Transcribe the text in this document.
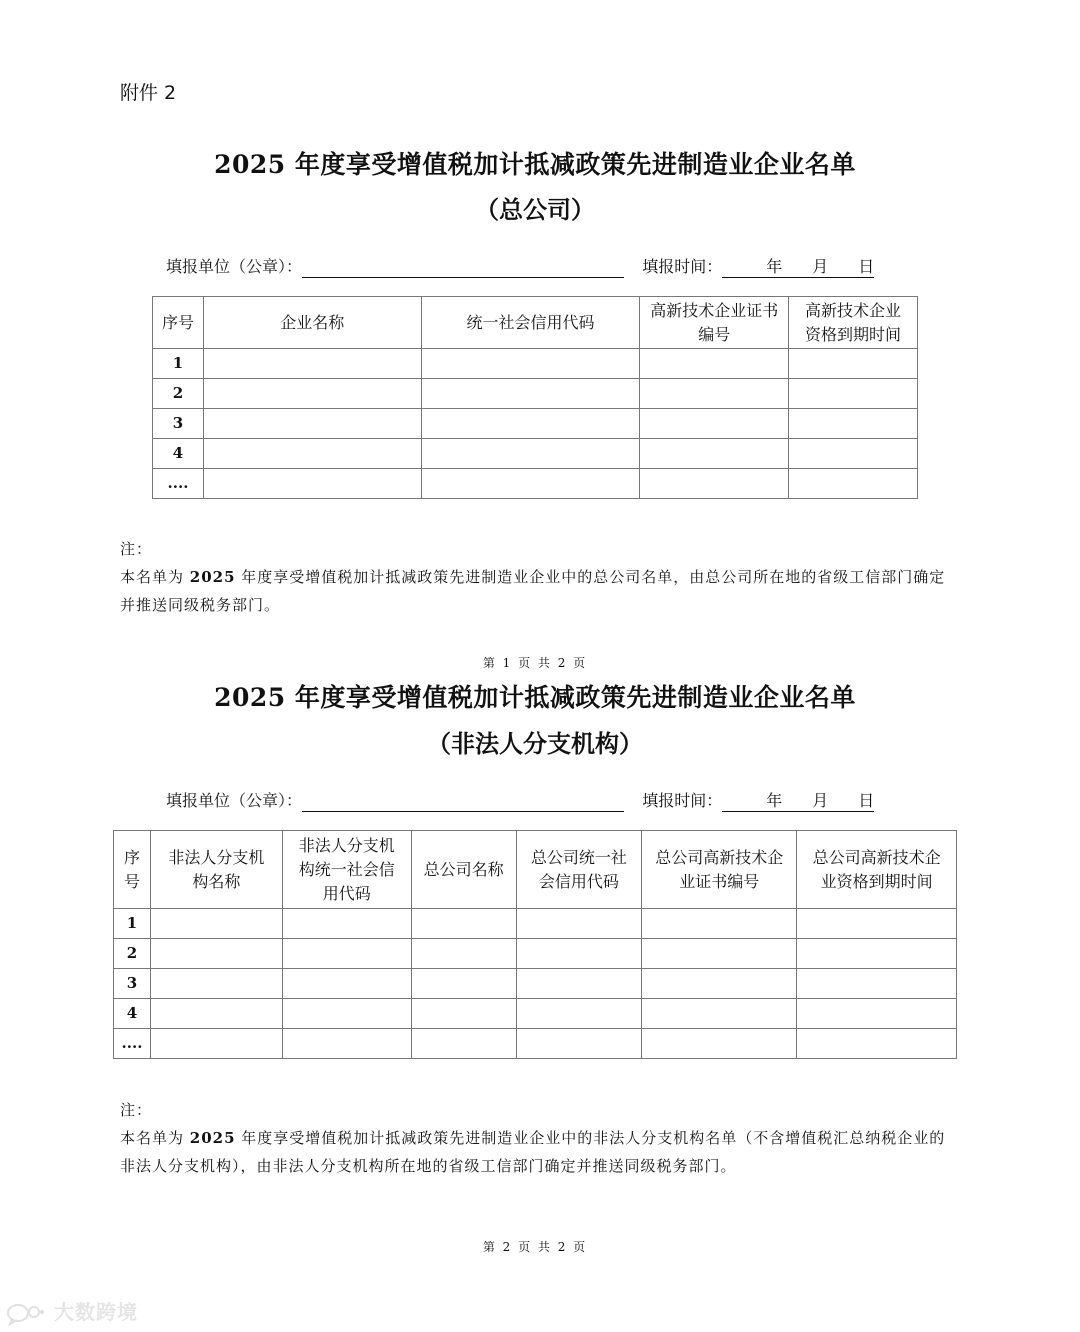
附件 2
2025 年度享受增值税加计抵减政策先进制造业企业名单
（总公司）
填报单位（公章）：	填报时间：	年 月 日
序号	企业名称	统一社会信用代码	高新技术企业证书编号	高新技术企业资格到期时间
1				
2				
3				
4				
....				
注：
本名单为 2025 年度享受增值税加计抵减政策先进制造业企业中的总公司名单，由总公司所在地的省级工信部门确定并推送同级税务部门。
第 1 页 共 2 页
2025 年度享受增值税加计抵减政策先进制造业企业名单
（非法人分支机构）
填报单位（公章）：	填报时间：	年 月 日
序号	非法人分支机构名称	非法人分支机构统一社会信用代码	总公司名称	总公司统一社会信用代码	总公司高新技术企业证书编号	总公司高新技术企业资格到期时间
1						
2						
3						
4						
....						
注：
本名单为 2025 年度享受增值税加计抵减政策先进制造业企业中的非法人分支机构名单（不含增值税汇总纳税企业的非法人分支机构），由非法人分支机构所在地的省级工信部门确定并推送同级税务部门。
第 2 页 共 2 页
大数跨境
